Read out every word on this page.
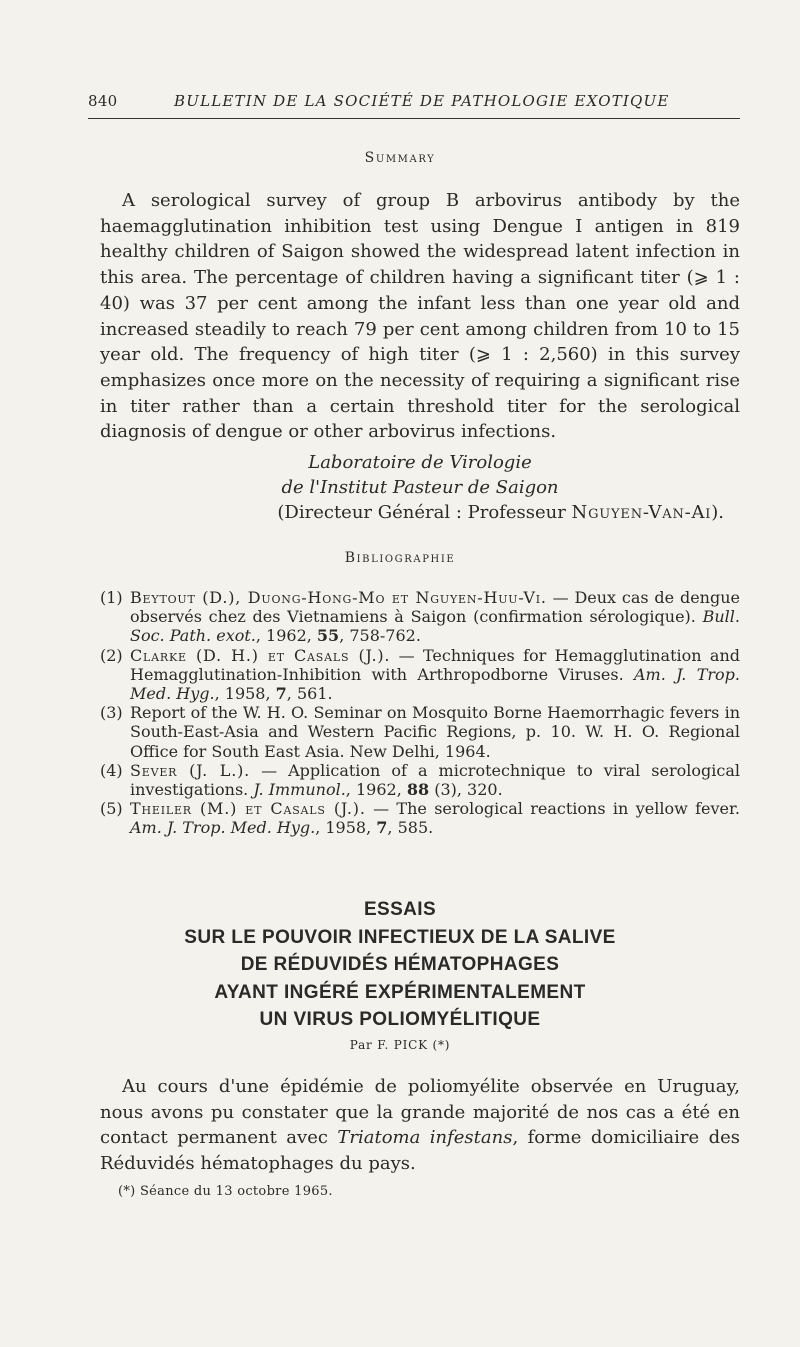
840	BULLETIN DE LA SOCIÉTÉ DE PATHOLOGIE EXOTIQUE
Summary

A serological survey of group B arbovirus antibody by the haemagglutination inhibition test using Dengue I antigen in 819 healthy children of Saigon showed the widespread latent infection in this area. The percentage of children having a significant titer (⩾ 1 : 40) was 37 per cent among the infant less than one year old and increased steadily to reach 79 per cent among children from 10 to 15 year old. The frequency of high titer (⩾ 1 : 2,560) in this survey emphasizes once more on the necessity of requiring a significant rise in titer rather than a certain threshold titer for the serological diagnosis of dengue or other arbovirus infections.

Laboratoire de Virologie
de l'Institut Pasteur de Saigon
(Directeur Général : Professeur Nguyen-Van-Ai).
Bibliographie
(1) Beytout (D.), Duong-Hong-Mo et Nguyen-Huu-Vi. — Deux cas de dengue observés chez des Vietnamiens à Saigon (confirmation sérologique). Bull. Soc. Path. exot., 1962, 55, 758-762.
(2) Clarke (D. H.) et Casals (J.). — Techniques for Hemagglutination and Hemagglutination-Inhibition with Arthropodborne Viruses. Am. J. Trop. Med. Hyg., 1958, 7, 561.
(3) Report of the W. H. O. Seminar on Mosquito Borne Haemorrhagic fevers in South-East-Asia and Western Pacific Regions, p. 10. W. H. O. Regional Office for South East Asia. New Delhi, 1964.
(4) Sever (J. L.). — Application of a microtechnique to viral serological investigations. J. Immunol., 1962, 88 (3), 320.
(5) Theiler (M.) et Casals (J.). — The serological reactions in yellow fever. Am. J. Trop. Med. Hyg., 1958, 7, 585.
ESSAIS
SUR LE POUVOIR INFECTIEUX DE LA SALIVE
DE RÉDUVIDÉS HÉMATOPHAGES
AYANT INGÉRÉ EXPÉRIMENTALEMENT
UN VIRUS POLIOMYÉLITIQUE
Par F. PICK (*)

Au cours d'une épidémie de poliomyélite observée en Uruguay, nous avons pu constater que la grande majorité de nos cas a été en contact permanent avec Triatoma infestans, forme domiciliaire des Réduvidés hématophages du pays.

(*) Séance du 13 octobre 1965.
